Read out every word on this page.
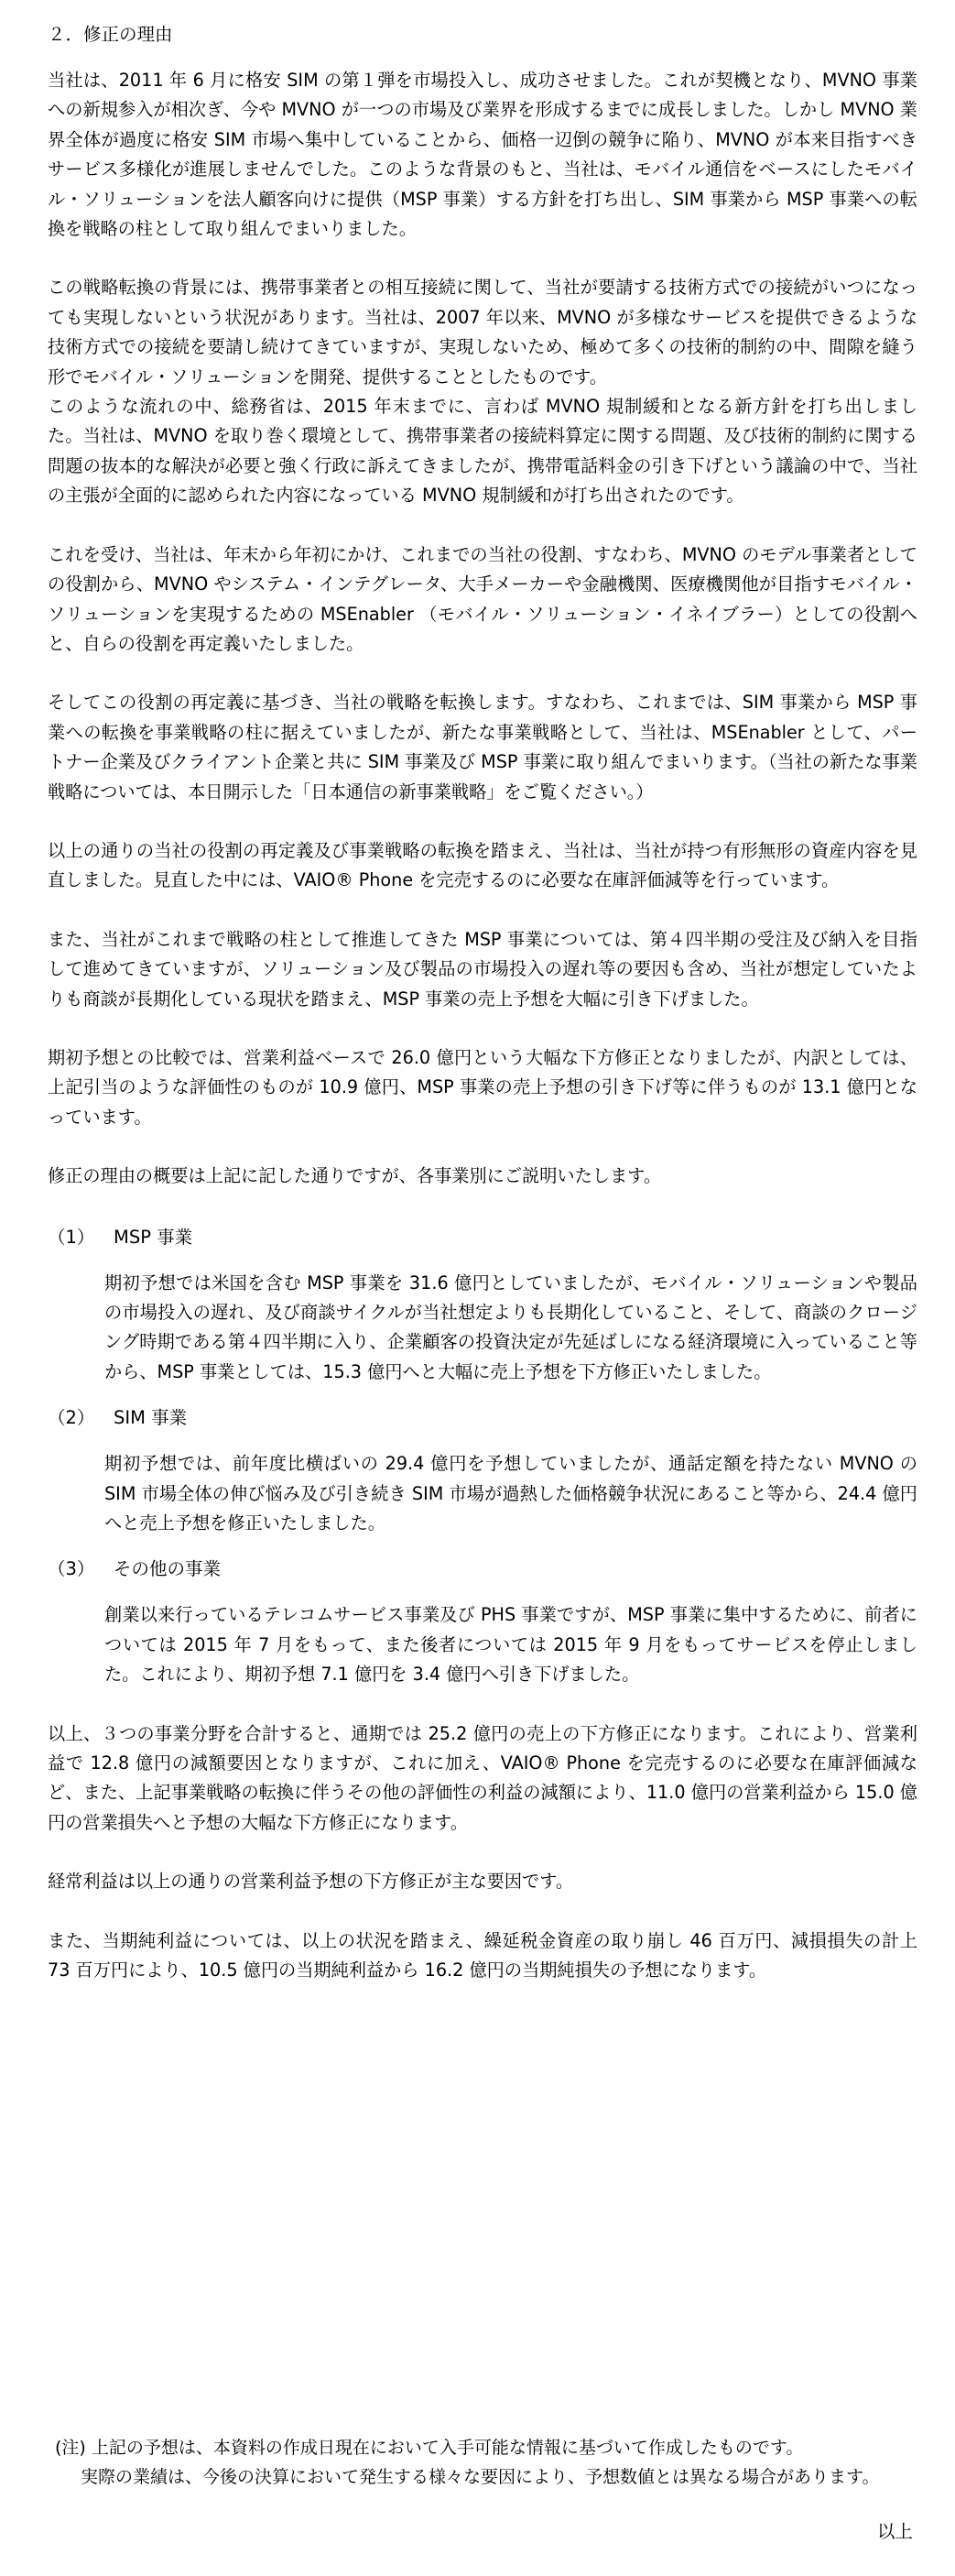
２．修正の理由

当社は、2011 年 6 月に格安 SIM の第１弾を市場投入し、成功させました。これが契機となり、MVNO 事業への新規参入が相次ぎ、今や MVNO が一つの市場及び業界を形成するまでに成長しました。しかし MVNO 業界全体が過度に格安 SIM 市場へ集中していることから、価格一辺倒の競争に陥り、MVNO が本来目指すべきサービス多様化が進展しませんでした。このような背景のもと、当社は、モバイル通信をベースにしたモバイル・ソリューションを法人顧客向けに提供（MSP 事業）する方針を打ち出し、SIM 事業から MSP 事業への転換を戦略の柱として取り組んでまいりました。

この戦略転換の背景には、携帯事業者との相互接続に関して、当社が要請する技術方式での接続がいつになっても実現しないという状況があります。当社は、2007 年以来、MVNO が多様なサービスを提供できるような技術方式での接続を要請し続けてきていますが、実現しないため、極めて多くの技術的制約の中、間隙を縫う形でモバイル・ソリューションを開発、提供することとしたものです。

このような流れの中、総務省は、2015 年末までに、言わば MVNO 規制緩和となる新方針を打ち出しました。当社は、MVNO を取り巻く環境として、携帯事業者の接続料算定に関する問題、及び技術的制約に関する問題の抜本的な解決が必要と強く行政に訴えてきましたが、携帯電話料金の引き下げという議論の中で、当社の主張が全面的に認められた内容になっている MVNO 規制緩和が打ち出されたのです。

これを受け、当社は、年末から年初にかけ、これまでの当社の役割、すなわち、MVNO のモデル事業者としての役割から、MVNO やシステム・インテグレータ、大手メーカーや金融機関、医療機関他が目指すモバイル・ソリューションを実現するための MSEnabler （モバイル・ソリューション・イネイブラー）としての役割へと、自らの役割を再定義いたしました。

そしてこの役割の再定義に基づき、当社の戦略を転換します。すなわち、これまでは、SIM 事業から MSP 事業への転換を事業戦略の柱に据えていましたが、新たな事業戦略として、当社は、MSEnabler として、パートナー企業及びクライアント企業と共に SIM 事業及び MSP 事業に取り組んでまいります。（当社の新たな事業戦略については、本日開示した「日本通信の新事業戦略」をご覧ください。）

以上の通りの当社の役割の再定義及び事業戦略の転換を踏まえ、当社は、当社が持つ有形無形の資産内容を見直しました。見直した中には、VAIO® Phone を完売するのに必要な在庫評価減等を行っています。

また、当社がこれまで戦略の柱として推進してきた MSP 事業については、第４四半期の受注及び納入を目指して進めてきていますが、ソリューション及び製品の市場投入の遅れ等の要因も含め、当社が想定していたよりも商談が長期化している現状を踏まえ、MSP 事業の売上予想を大幅に引き下げました。

期初予想との比較では、営業利益ベースで 26.0 億円という大幅な下方修正となりましたが、内訳としては、上記引当のような評価性のものが 10.9 億円、MSP 事業の売上予想の引き下げ等に伴うものが 13.1 億円となっています。

修正の理由の概要は上記に記した通りですが、各事業別にご説明いたします。

（1）	MSP 事業
期初予想では米国を含む MSP 事業を 31.6 億円としていましたが、モバイル・ソリューションや製品の市場投入の遅れ、及び商談サイクルが当社想定よりも長期化していること、そして、商談のクロージング時期である第４四半期に入り、企業顧客の投資決定が先延ばしになる経済環境に入っていること等から、MSP 事業としては、15.3 億円へと大幅に売上予想を下方修正いたしました。
（2）	SIM 事業
期初予想では、前年度比横ばいの 29.4 億円を予想していましたが、通話定額を持たない MVNO の SIM 市場全体の伸び悩み及び引き続き SIM 市場が過熱した価格競争状況にあること等から、24.4 億円へと売上予想を修正いたしました。
（3）	その他の事業
創業以来行っているテレコムサービス事業及び PHS 事業ですが、MSP 事業に集中するために、前者については 2015 年 7 月をもって、また後者については 2015 年 9 月をもってサービスを停止しました。これにより、期初予想 7.1 億円を 3.4 億円へ引き下げました。

以上、３つの事業分野を合計すると、通期では 25.2 億円の売上の下方修正になります。これにより、営業利益で 12.8 億円の減額要因となりますが、これに加え、VAIO® Phone を完売するのに必要な在庫評価減など、また、上記事業戦略の転換に伴うその他の評価性の利益の減額により、11.0 億円の営業利益から 15.0 億円の営業損失へと予想の大幅な下方修正になります。

経常利益は以上の通りの営業利益予想の下方修正が主な要因です。

また、当期純利益については、以上の状況を踏まえ、繰延税金資産の取り崩し 46 百万円、減損損失の計上 73 百万円により、10.5 億円の当期純利益から 16.2 億円の当期純損失の予想になります。

(注) 上記の予想は、本資料の作成日現在において入手可能な情報に基づいて作成したものです。
実際の業績は、今後の決算において発生する様々な要因により、予想数値とは異なる場合があります。
以上
